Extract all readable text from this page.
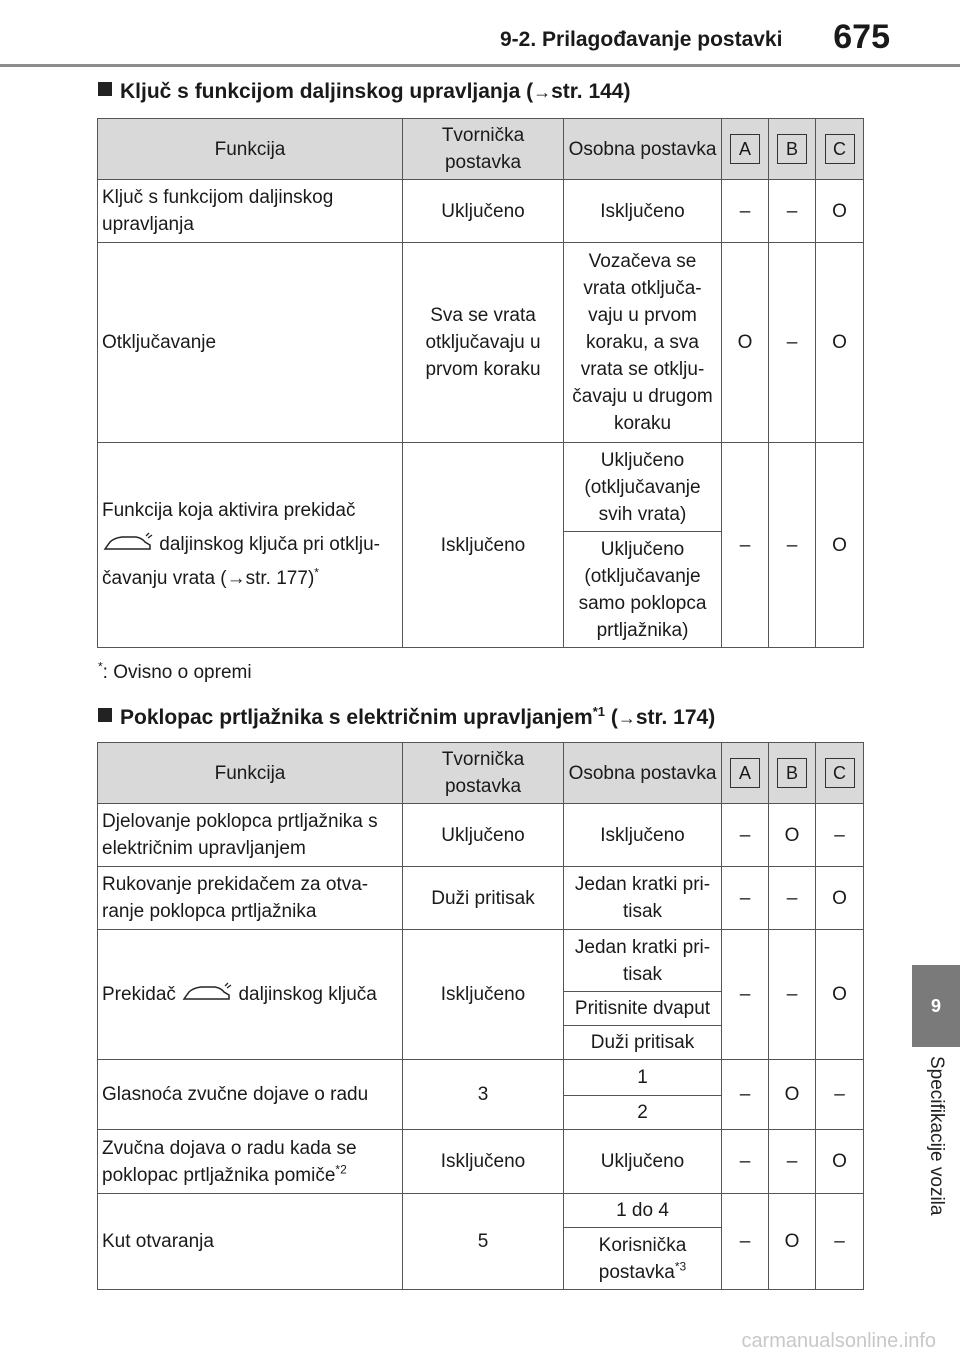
9-2. Prilagođavanje postavki 675
9
Specifikacije vozila
Ključ s funkcijom daljinskog upravljanja (→str. 144)
Funkcija	Tvornička postavka	Osobna postavka	A	B	C
Ključ s funkcijom daljinskog upravljanja	Uključeno	Isključeno	–	–	O
Otključavanje	Sva se vrata otključavaju u prvom koraku	Vozačeva se vrata otključa-vaju u prvom koraku, a sva vrata se otklju-čavaju u drugom koraku	O	–	O
Funkcija koja aktivira prekidač
daljinskog ključa pri otklju-
čavanju vrata (→str. 177)*	Isključeno	Uključeno (otključavanje svih vrata)	–	–	O
		Uključeno (otključavanje samo poklopca prtljažnika)			
*: Ovisno o opremi
Poklopac prtljažnika s električnim upravljanjem$^{*1}$ (→str. 174)
Funkcija	Tvornička postavka	Osobna postavka	A	B	C
Djelovanje poklopca prtljažnika s električnim upravljanjem	Uključeno	Isključeno	–	O	–
Rukovanje prekidačem za otva-ranje poklopca prtljažnika	Duži pritisak	Jedan kratki pri-tisak	–	–	O
Prekidač daljinskog ključa	Isključeno	Jedan kratki pri-tisak	–	–	O
		Pritisnite dvaput			
		Duži pritisak			
Glasnoća zvučne dojave o radu	3	1	–	O	–
		2			
Zvučna dojava o radu kada se poklopac prtljažnika pomiče$^{*2}$	Isključeno	Uključeno	–	–	O
Kut otvaranja	5	1 do 4	–	O	–
		Korisnička postavka$^{*3}$
carmanualsonline.info
